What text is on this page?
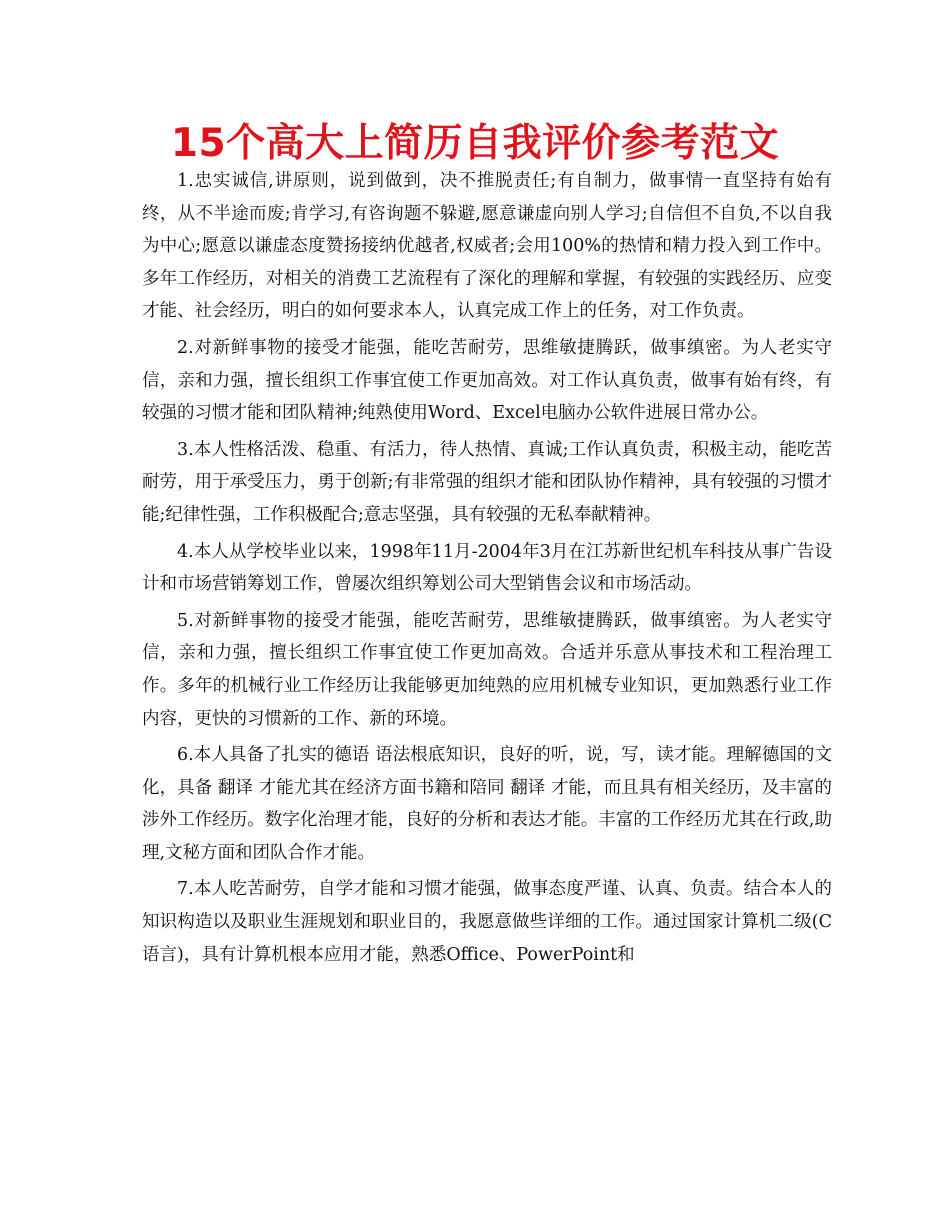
15个高大上简历自我评价参考范文

1.忠实诚信,讲原则，说到做到，决不推脱责任;有自制力，做事情一直坚持有始有终，从不半途而废;肯学习,有咨询题不躲避,愿意谦虚向别人学习;自信但不自负,不以自我为中心;愿意以谦虚态度赞扬接纳优越者,权威者;会用100%的热情和精力投入到工作中。多年工作经历，对相关的消费工艺流程有了深化的理解和掌握，有较强的实践经历、应变才能、社会经历，明白的如何要求本人，认真完成工作上的任务，对工作负责。

2.对新鲜事物的接受才能强，能吃苦耐劳，思维敏捷腾跃，做事缜密。为人老实守信，亲和力强，擅长组织工作事宜使工作更加高效。对工作认真负责，做事有始有终，有较强的习惯才能和团队精神;纯熟使用Word、Excel电脑办公软件进展日常办公。

3.本人性格活泼、稳重、有活力，待人热情、真诚;工作认真负责，积极主动，能吃苦耐劳，用于承受压力，勇于创新;有非常强的组织才能和团队协作精神，具有较强的习惯才能;纪律性强，工作积极配合;意志坚强，具有较强的无私奉献精神。

4.本人从学校毕业以来，1998年11月-2004年3月在江苏新世纪机车科技从事广告设计和市场营销筹划工作，曾屡次组织筹划公司大型销售会议和市场活动。

5.对新鲜事物的接受才能强，能吃苦耐劳，思维敏捷腾跃，做事缜密。为人老实守信，亲和力强，擅长组织工作事宜使工作更加高效。合适并乐意从事技术和工程治理工作。多年的机械行业工作经历让我能够更加纯熟的应用机械专业知识，更加熟悉行业工作内容，更快的习惯新的工作、新的环境。

6.本人具备了扎实的德语 语法根底知识，良好的听，说，写，读才能。理解德国的文化，具备 翻译 才能尤其在经济方面书籍和陪同 翻译 才能，而且具有相关经历，及丰富的涉外工作经历。数字化治理才能，良好的分析和表达才能。丰富的工作经历尤其在行政,助理,文秘方面和团队合作才能。

7.本人吃苦耐劳，自学才能和习惯才能强，做事态度严谨、认真、负责。结合本人的知识构造以及职业生涯规划和职业目的，我愿意做些详细的工作。通过国家计算机二级(C语言)，具有计算机根本应用才能，熟悉Office、PowerPoint和
